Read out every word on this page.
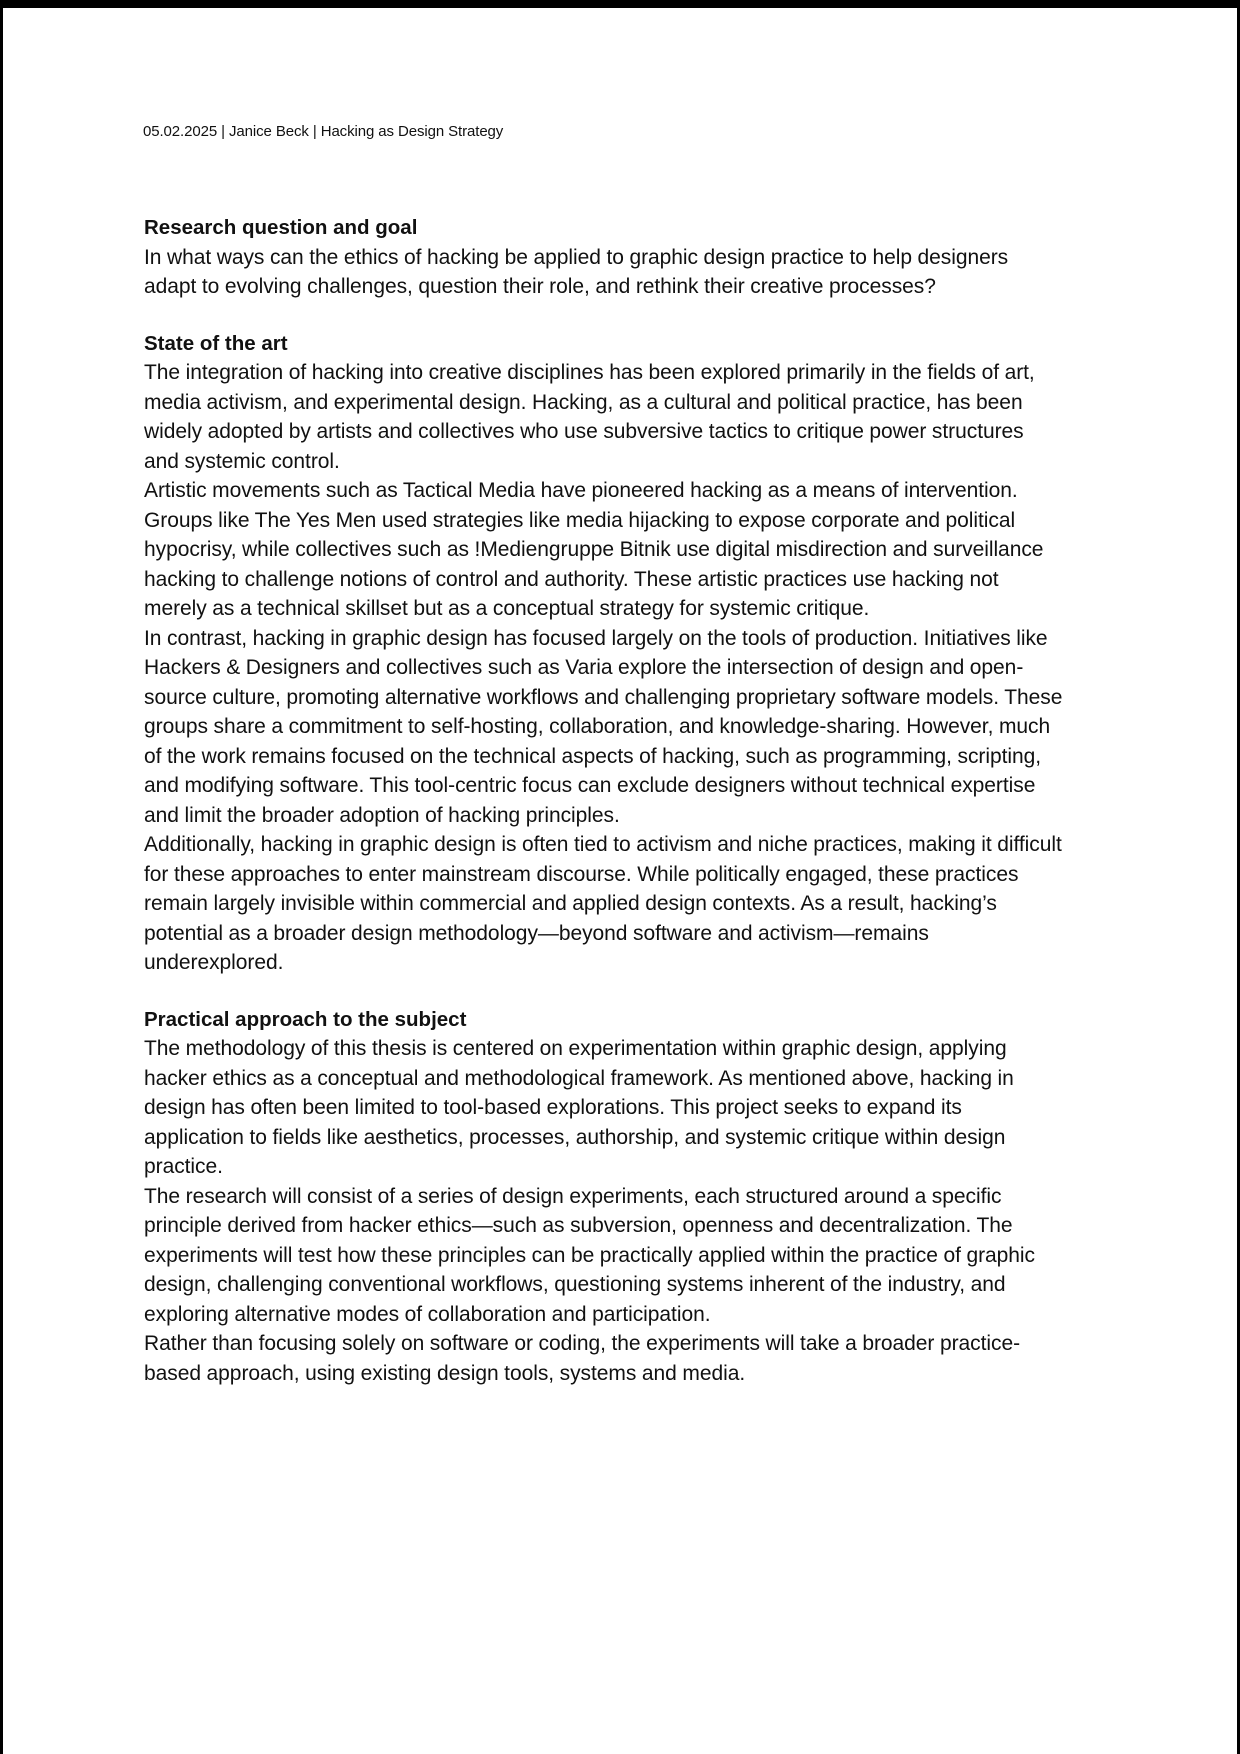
05.02.2025 | Janice Beck | Hacking as Design Strategy

Research question and goal

In what ways can the ethics of hacking be applied to graphic design practice to help designers adapt to evolving challenges, question their role, and rethink their creative processes?

State of the art

The integration of hacking into creative disciplines has been explored primarily in the fields of art, media activism, and experimental design. Hacking, as a cultural and political practice, has been widely adopted by artists and collectives who use subversive tactics to critique power structures and systemic control.

Artistic movements such as Tactical Media have pioneered hacking as a means of intervention. Groups like The Yes Men used strategies like media hijacking to expose corporate and political hypocrisy, while collectives such as !Mediengruppe Bitnik use digital misdirection and surveillance hacking to challenge notions of control and authority. These artistic practices use hacking not merely as a technical skillset but as a conceptual strategy for systemic critique.

In contrast, hacking in graphic design has focused largely on the tools of production. Initiatives like Hackers & Designers and collectives such as Varia explore the intersection of design and open-source culture, promoting alternative workflows and challenging proprietary software models. These groups share a commitment to self-hosting, collaboration, and knowledge-sharing. However, much of the work remains focused on the technical aspects of hacking, such as programming, scripting, and modifying software. This tool-centric focus can exclude designers without technical expertise and limit the broader adoption of hacking principles.

Additionally, hacking in graphic design is often tied to activism and niche practices, making it difficult for these approaches to enter mainstream discourse. While politically engaged, these practices remain largely invisible within commercial and applied design contexts. As a result, hacking’s potential as a broader design methodology—beyond software and activism—remains underexplored.

Practical approach to the subject

The methodology of this thesis is centered on experimentation within graphic design, applying hacker ethics as a conceptual and methodological framework. As mentioned above, hacking in design has often been limited to tool-based explorations. This project seeks to expand its application to fields like aesthetics, processes, authorship, and systemic critique within design practice.

The research will consist of a series of design experiments, each structured around a specific principle derived from hacker ethics—such as subversion, openness and decentralization. The experiments will test how these principles can be practically applied within the practice of graphic design, challenging conventional workflows, questioning systems inherent of the industry, and exploring alternative modes of collaboration and participation.

Rather than focusing solely on software or coding, the experiments will take a broader practice-based approach, using existing design tools, systems and media.
